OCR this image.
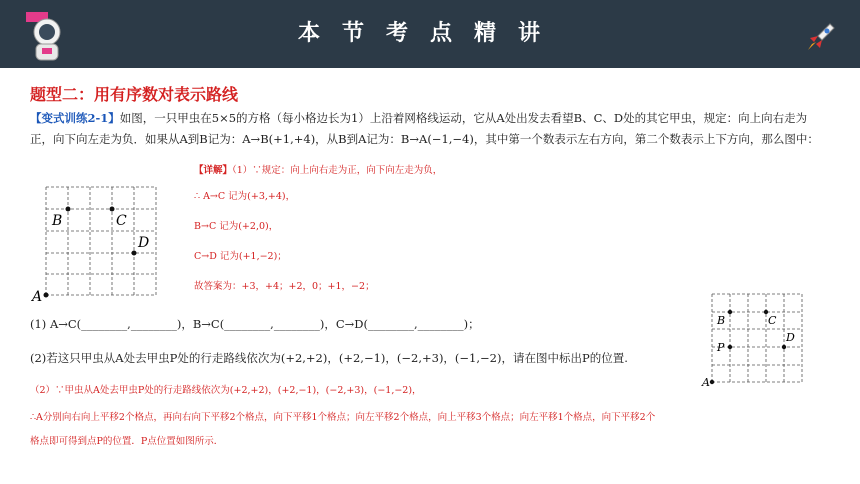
本节考点精讲
题型二：用有序数对表示路线
【变式训练2-1】如图，一只甲虫在5×5的方格（每小格边长为1）上沿着网格线运动，它从A处出发去看望B、C、D处的其它甲虫，规定：向上向右走为正，向下向左走为负．如果从A到B记为：A→B(+1,+4)，从B到A记为：B→A(−1,−4)，其中第一个数表示左右方向，第二个数表示上下方向，那么图中：
A
B	C
D
【详解】（1）∵规定：向上向右走为正，向下向左走为负，
∴ A→C 记为(+3,+4)，
B→C 记为(+2,0)，
C→D 记为(+1,−2)；
故答案为：+3，+4；+2，0；+1，−2；
(1) A→C(________,________)，B→C(________,________)，C→D(________,________)；
(2)若这只甲虫从A处去甲虫P处的行走路线依次为(+2,+2)，(+2,−1)，(−2,+3)，(−1,−2)，请在图中标出P的位置.
（2）∵甲虫从A处去甲虫P处的行走路线依次为(+2,+2)，(+2,−1)，(−2,+3)，(−1,−2)，
∴A分别向右向上平移2个格点，再向右向下平移2个格点，向下平移1个格点；向左平移2个格点，向上平移3个格点；向左平移1个格点，向下平移2个
格点即可得到点P的位置．P点位置如图所示．
A
B	C
D
P
